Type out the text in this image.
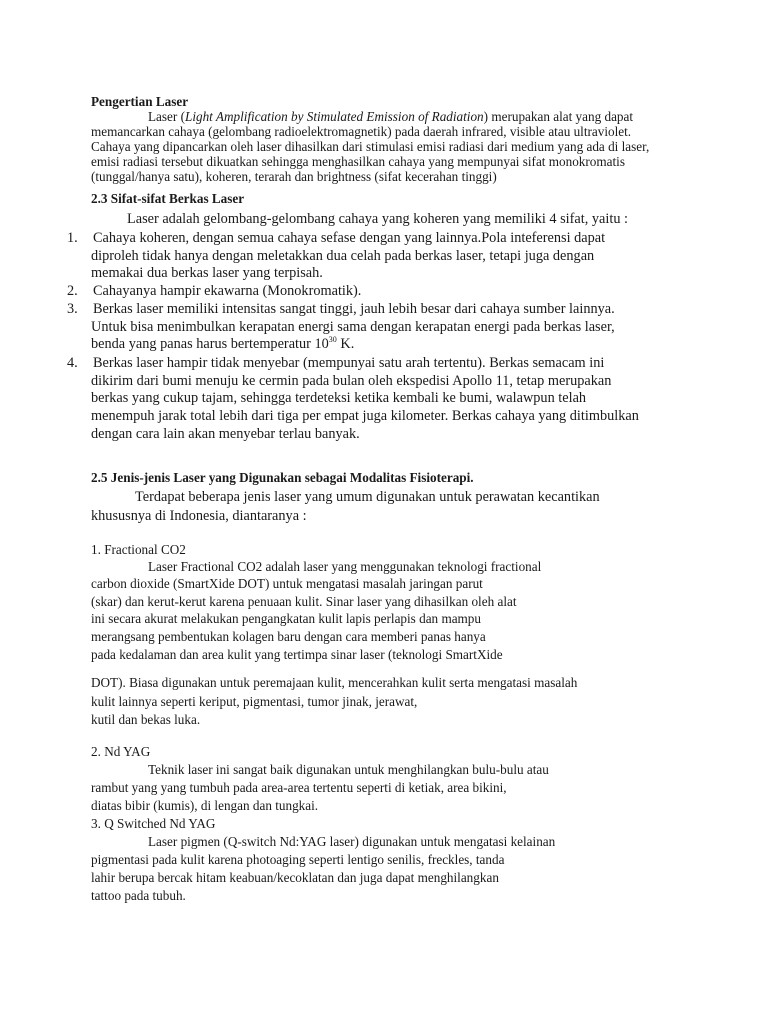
Pengertian Laser
Laser (Light Amplification by Stimulated Emission of Radiation) merupakan alat yang dapat
memancarkan cahaya (gelombang radioelektromagnetik) pada daerah infrared, visible atau ultraviolet.
Cahaya yang dipancarkan oleh laser dihasilkan dari stimulasi emisi radiasi dari medium yang ada di laser,
emisi radiasi tersebut dikuatkan sehingga menghasilkan cahaya yang mempunyai sifat monokromatis
(tunggal/hanya satu), koheren, terarah dan brightness (sifat kecerahan tinggi)
2.3 Sifat-sifat Berkas Laser
Laser adalah gelombang-gelombang cahaya yang koheren yang memiliki 4 sifat, yaitu :
1. Cahaya koheren, dengan semua cahaya sefase dengan yang lainnya.Pola inteferensi dapat
diproleh tidak hanya dengan meletakkan dua celah pada berkas laser, tetapi juga dengan
memakai dua berkas laser yang terpisah.
2. Cahayanya hampir ekawarna (Monokromatik).
3. Berkas laser memiliki intensitas sangat tinggi, jauh lebih besar dari cahaya sumber lainnya.
Untuk bisa menimbulkan kerapatan energi sama dengan kerapatan energi pada berkas laser,
benda yang panas harus bertemperatur $10^{30}$ K.
4. Berkas laser hampir tidak menyebar (mempunyai satu arah tertentu). Berkas semacam ini
dikirim dari bumi menuju ke cermin pada bulan oleh ekspedisi Apollo 11, tetap merupakan
berkas yang cukup tajam, sehingga terdeteksi ketika kembali ke bumi, walawpun telah
menempuh jarak total lebih dari tiga per empat juga kilometer. Berkas cahaya yang ditimbulkan
dengan cara lain akan menyebar terlau banyak.
2.5 Jenis-jenis Laser yang Digunakan sebagai Modalitas Fisioterapi.
Terdapat beberapa jenis laser yang umum digunakan untuk perawatan kecantikan
khususnya di Indonesia, diantaranya :
1. Fractional CO2
Laser Fractional CO2 adalah laser yang menggunakan teknologi fractional
carbon dioxide (SmartXide DOT) untuk mengatasi masalah jaringan parut
(skar) dan kerut-kerut karena penuaan kulit. Sinar laser yang dihasilkan oleh alat
ini secara akurat melakukan pengangkatan kulit lapis perlapis dan mampu
merangsang pembentukan kolagen baru dengan cara memberi panas hanya
pada kedalaman dan area kulit yang tertimpa sinar laser (teknologi SmartXide
DOT). Biasa digunakan untuk peremajaan kulit, mencerahkan kulit serta mengatasi masalah
kulit lainnya seperti keriput, pigmentasi, tumor jinak, jerawat,
kutil dan bekas luka.
2. Nd YAG
Teknik laser ini sangat baik digunakan untuk menghilangkan bulu-bulu atau
rambut yang yang tumbuh pada area-area tertentu seperti di ketiak, area bikini,
diatas bibir (kumis), di lengan dan tungkai.
3. Q Switched Nd YAG
Laser pigmen (Q-switch Nd:YAG laser) digunakan untuk mengatasi kelainan
pigmentasi pada kulit karena photoaging seperti lentigo senilis, freckles, tanda
lahir berupa bercak hitam keabuan/kecoklatan dan juga dapat menghilangkan
tattoo pada tubuh.
